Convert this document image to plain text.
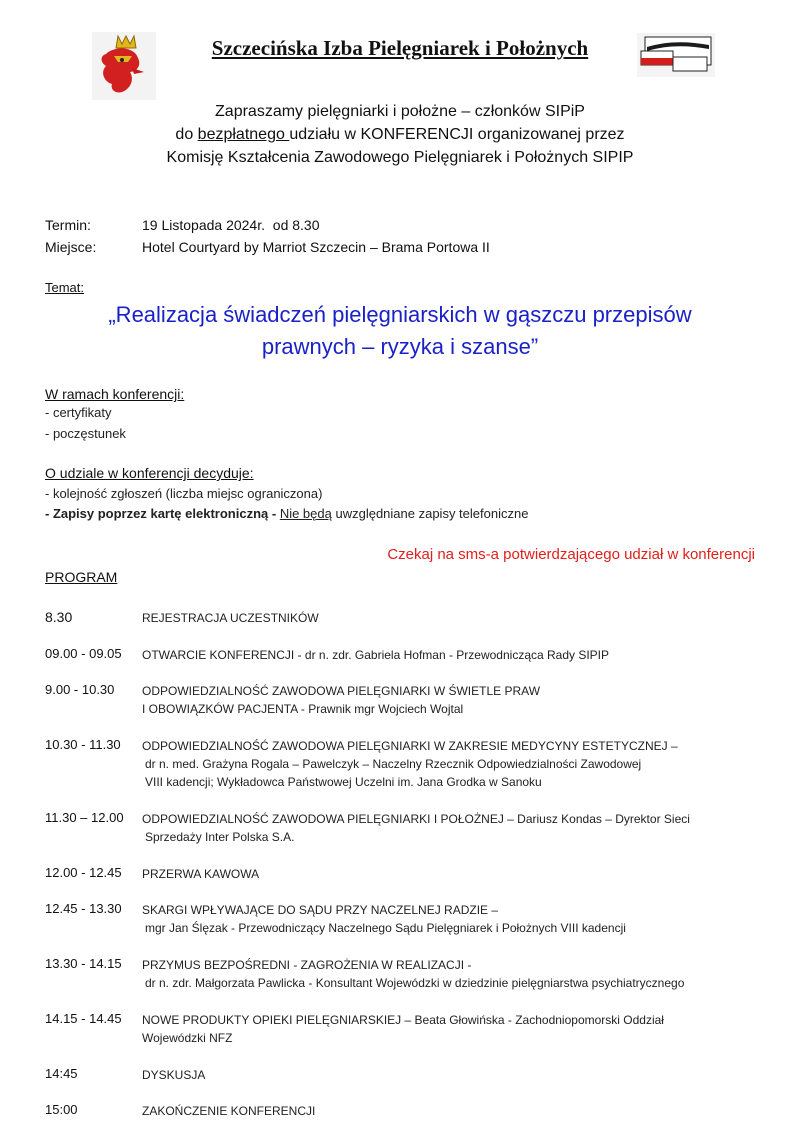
Szczecińska Izba Pielęgniarek i Położnych
Zapraszamy pielęgniarki i położne – członków SIPiP
do bezpłatnego udziału w KONFERENCJI organizowanej przez
Komisję Kształcenia Zawodowego Pielęgniarek i Położnych SIPIP
Termin:	19 Listopada 2024r. od 8.30
Miejsce:	Hotel Courtyard by Marriot Szczecin – Brama Portowa II
Temat:
„Realizacja świadczeń pielęgniarskich w gąszczu przepisów
prawnych – ryzyka i szanse”
W ramach konferencji:
- certyfikaty
- poczęstunek
O udziale w konferencji decyduje:
- kolejność zgłoszeń (liczba miejsc ograniczona)
- Zapisy poprzez kartę elektroniczną - Nie będą uwzględniane zapisy telefoniczne
Czekaj na sms-a potwierdzającego udział w konferencji
PROGRAM
8.30	REJESTRACJA UCZESTNIKÓW
09.00 - 09.05 OTWARCIE KONFERENCJI - dr n. zdr. Gabriela Hofman - Przewodnicząca Rady SIPIP
9.00 - 10.30 ODPOWIEDZIALNOŚĆ ZAWODOWA PIELĘGNIARKI W ŚWIETLE PRAW
I OBOWIĄZKÓW PACJENTA - Prawnik mgr Wojciech Wojtal
10.30 - 11.30 ODPOWIEDZIALNOŚĆ ZAWODOWA PIELĘGNIARKI W ZAKRESIE MEDYCYNY ESTETYCZNEJ –
dr n. med. Grażyna Rogala – Pawelczyk – Naczelny Rzecznik Odpowiedzialności Zawodowej
VIII kadencji; Wykładowca Państwowej Uczelni im. Jana Grodka w Sanoku
11.30 – 12.00 ODPOWIEDZIALNOŚĆ ZAWODOWA PIELĘGNIARKI I POŁOŻNEJ – Dariusz Kondas – Dyrektor Sieci
Sprzedaży Inter Polska S.A.
12.00 - 12.45 PRZERWA KAWOWA
12.45 - 13.30 SKARGI WPŁYWAJĄCE DO SĄDU PRZY NACZELNEJ RADZIE –
mgr Jan Ślęzak - Przewodniczący Naczelnego Sądu Pielęgniarek i Położnych VIII kadencji
13.30 - 14.15 PRZYMUS BEZPOŚREDNI - ZAGROŻENIA W REALIZACJI -
dr n. zdr. Małgorzata Pawlicka - Konsultant Wojewódzki w dziedzinie pielęgniarstwa psychiatrycznego
14.15 - 14.45 NOWE PRODUKTY OPIEKI PIELĘGNIARSKIEJ – Beata Głowińska - Zachodniopomorski Oddział
Wojewódzki NFZ
14:45	DYSKUSJA
15:00	ZAKOŃCZENIE KONFERENCJI
